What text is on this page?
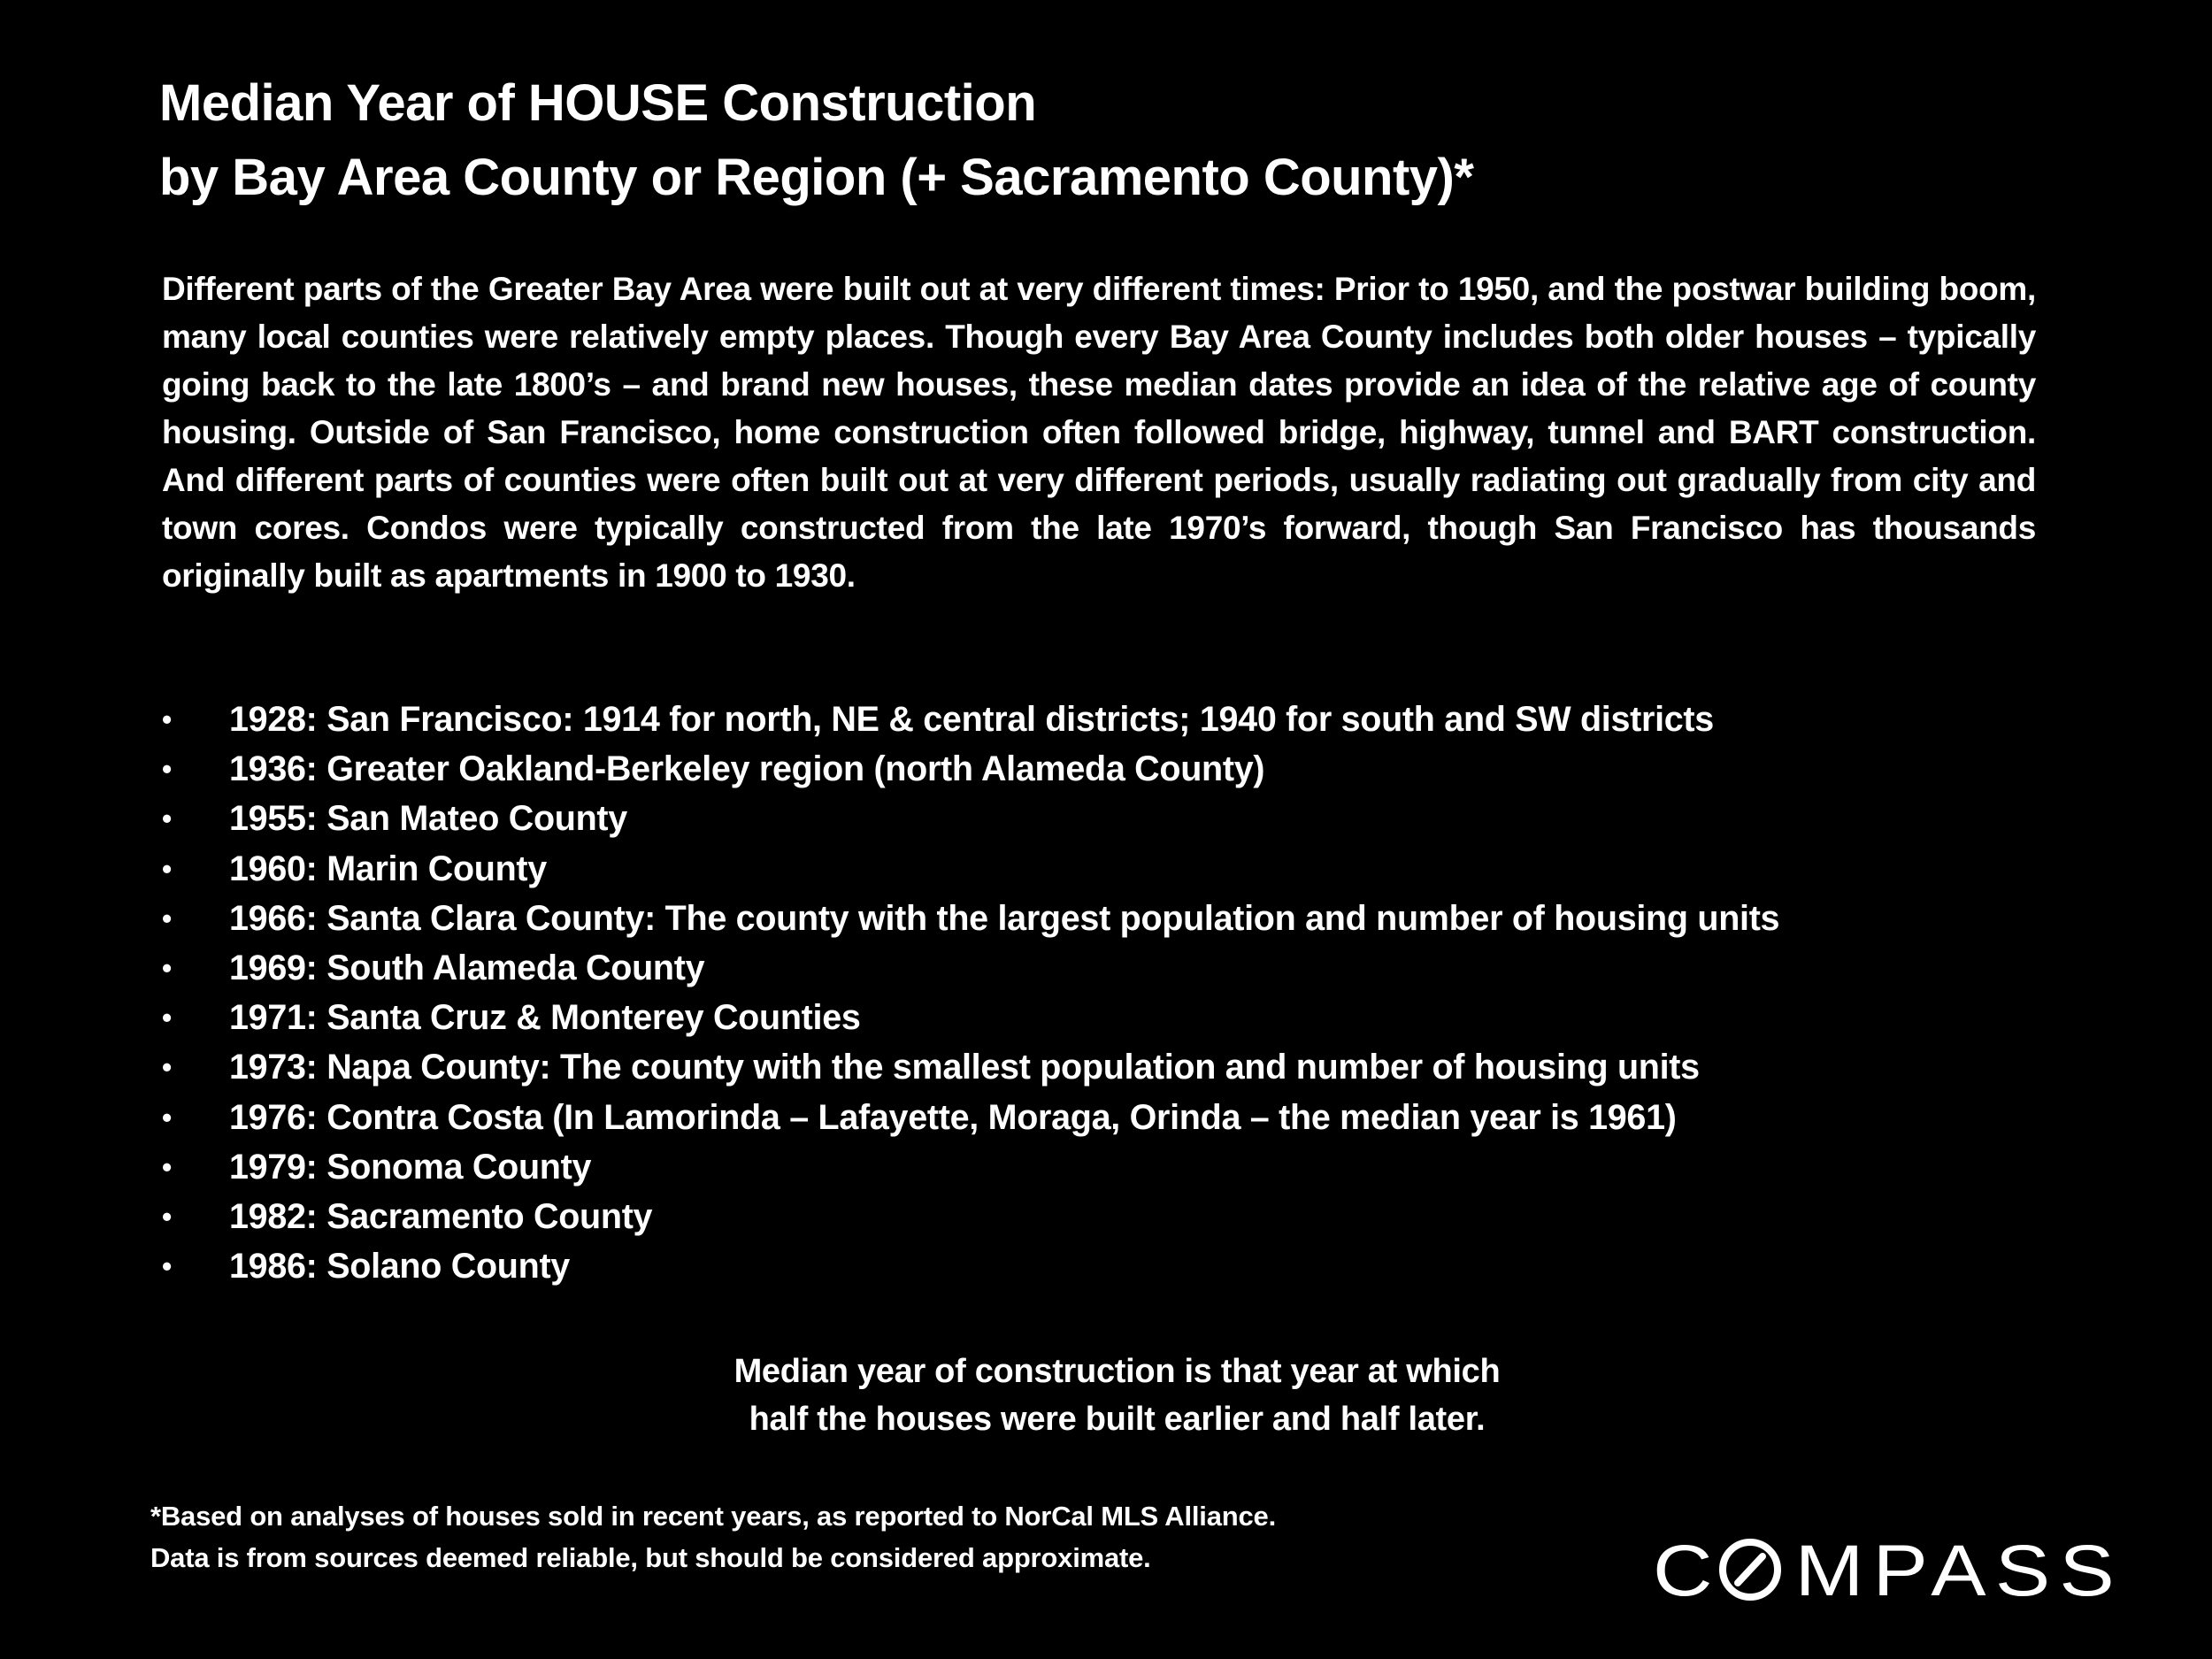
Median Year of HOUSE Construction
by Bay Area County or Region (+ Sacramento County)*
Different parts of the Greater Bay Area were built out at very different times: Prior to 1950, and the postwar building boom, many local counties were relatively empty places. Though every Bay Area County includes both older houses – typically going back to the late 1800’s – and brand new houses, these median dates provide an idea of the relative age of county housing. Outside of San Francisco, home construction often followed bridge, highway, tunnel and BART construction. And different parts of counties were often built out at very different periods, usually radiating out gradually from city and town cores. Condos were typically constructed from the late 1970’s forward, though San Francisco has thousands originally built as apartments in 1900 to 1930.
• 1928: San Francisco: 1914 for north, NE & central districts; 1940 for south and SW districts
• 1936: Greater Oakland-Berkeley region (north Alameda County)
• 1955: San Mateo County
• 1960: Marin County
• 1966: Santa Clara County: The county with the largest population and number of housing units
• 1969: South Alameda County
• 1971: Santa Cruz & Monterey Counties
• 1973: Napa County: The county with the smallest population and number of housing units
• 1976: Contra Costa (In Lamorinda – Lafayette, Moraga, Orinda – the median year is 1961)
• 1979: Sonoma County
• 1982: Sacramento County
• 1986: Solano County
Median year of construction is that year at which
half the houses were built earlier and half later.
*Based on analyses of houses sold in recent years, as reported to NorCal MLS Alliance.
Data is from sources deemed reliable, but should be considered approximate.	C MPASS
